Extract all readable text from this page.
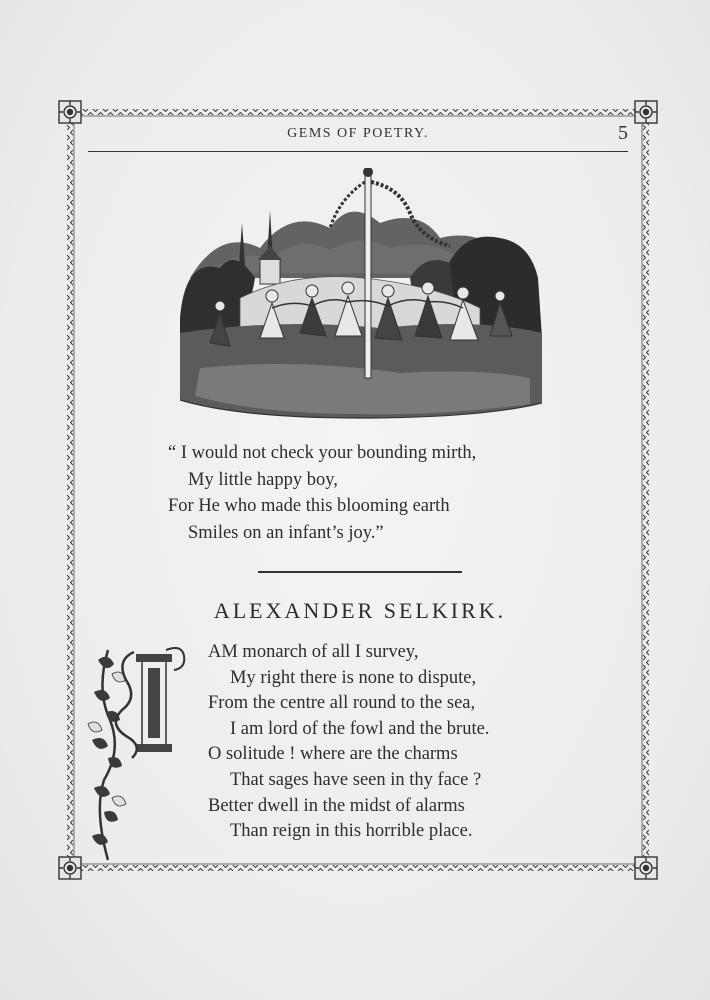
GEMS OF POETRY.	5
“ I would not check your bounding mirth,
My little happy boy,
For He who made this blooming earth
Smiles on an infant’s joy.”
ALEXANDER SELKIRK.
AM monarch of all I survey,
My right there is none to dispute,
From the centre all round to the sea,
I am lord of the fowl and the brute.
O solitude ! where are the charms
That sages have seen in thy face ?
Better dwell in the midst of alarms
Than reign in this horrible place.
